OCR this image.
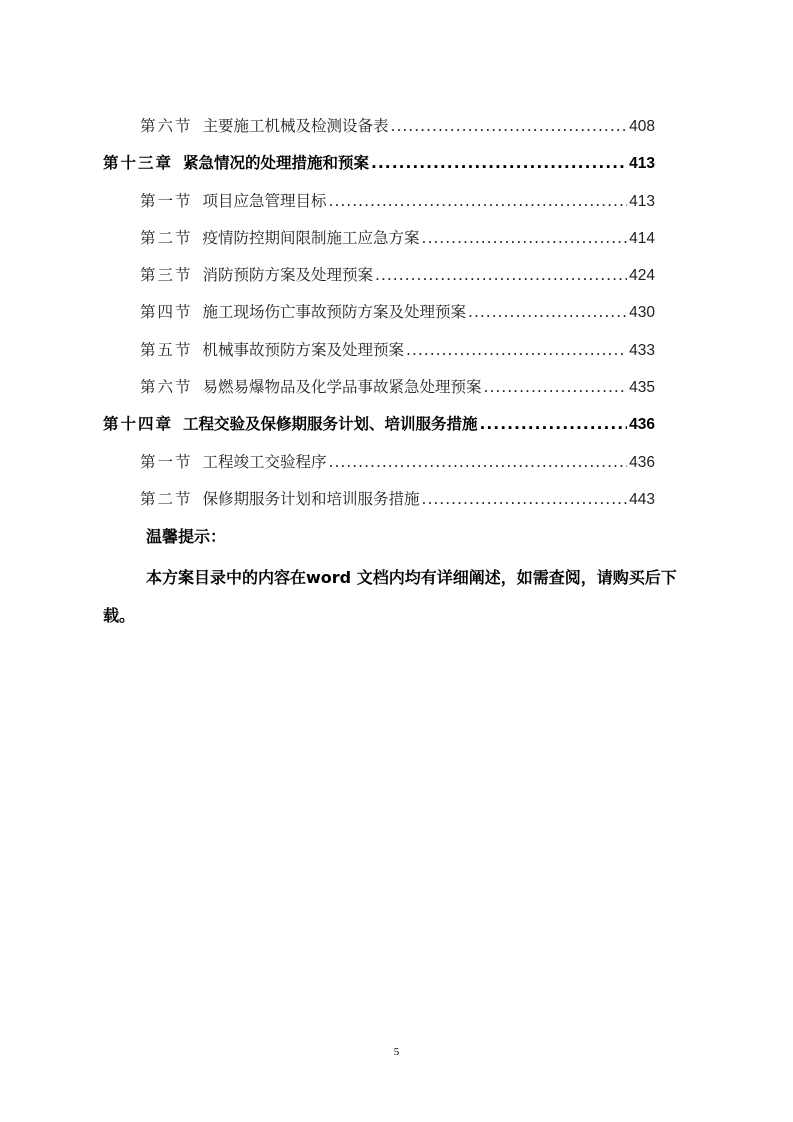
第六节 主要施工机械及检测设备表 .....	408
第十三章 紧急情况的处理措施和预案 .....	413
第一节 项目应急管理目标 .....	413
第二节 疫情防控期间限制施工应急方案 .....	414
第三节 消防预防方案及处理预案 .....	424
第四节 施工现场伤亡事故预防方案及处理预案 .....	430
第五节 机械事故预防方案及处理预案 .....	433
第六节 易燃易爆物品及化学品事故紧急处理预案 .....	435
第十四章 工程交验及保修期服务计划、培训服务措施 .....	436
第一节 工程竣工交验程序 .....	436
第二节 保修期服务计划和培训服务措施 .....	443
温馨提示：
本方案目录中的内容在word 文档内均有详细阐述，如需查阅，请购买后下载。
5
